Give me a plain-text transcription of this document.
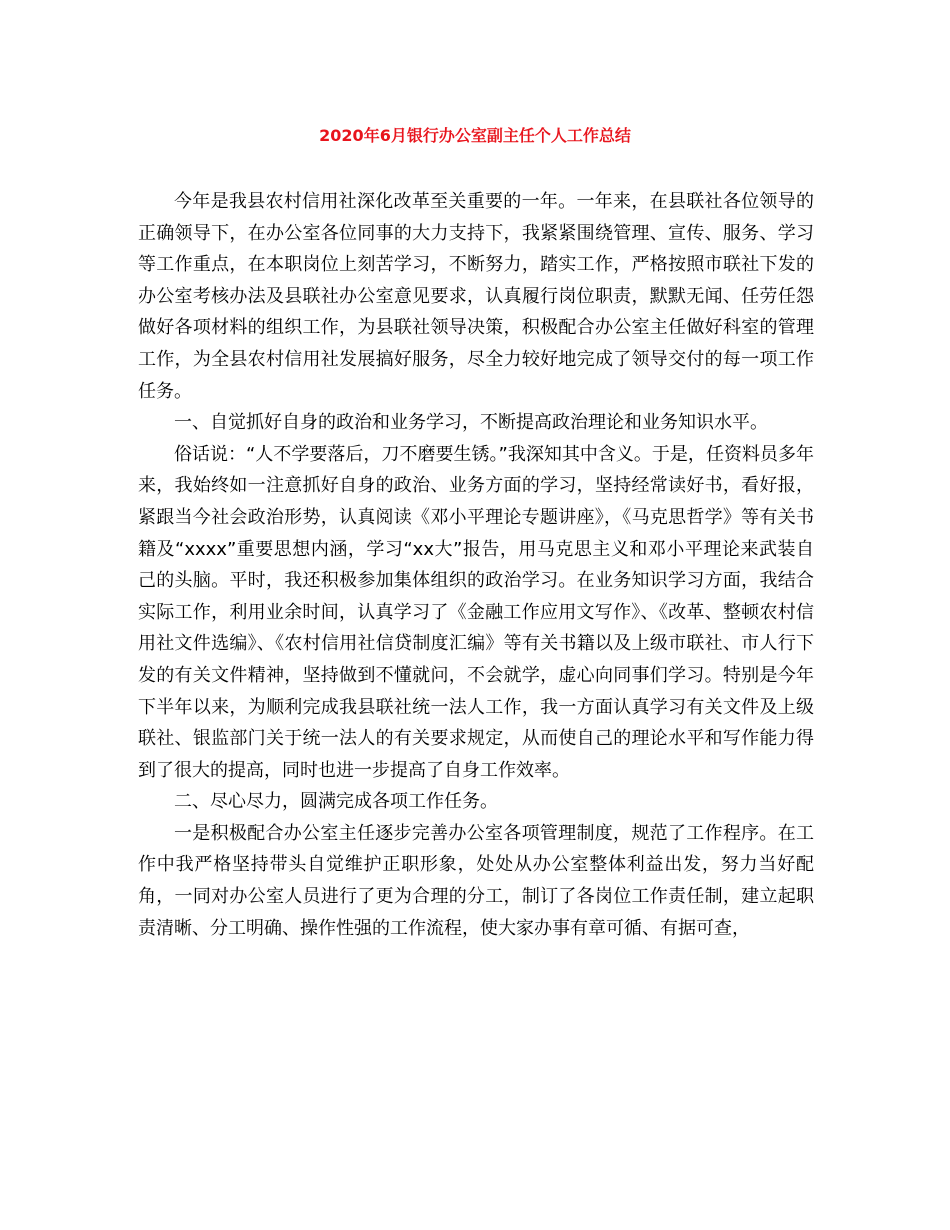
2020年6月银行办公室副主任个人工作总结

今年是我县农村信用社深化改革至关重要的一年。一年来，在县联社各位领导的正确领导下，在办公室各位同事的大力支持下，我紧紧围绕管理、宣传、服务、学习等工作重点，在本职岗位上刻苦学习，不断努力，踏实工作，严格按照市联社下发的办公室考核办法及县联社办公室意见要求，认真履行岗位职责，默默无闻、任劳任怨做好各项材料的组织工作，为县联社领导决策，积极配合办公室主任做好科室的管理工作，为全县农村信用社发展搞好服务，尽全力较好地完成了领导交付的每一项工作任务。

一、自觉抓好自身的政治和业务学习，不断提高政治理论和业务知识水平。

俗话说：“人不学要落后，刀不磨要生锈。”我深知其中含义。于是，任资料员多年来，我始终如一注意抓好自身的政治、业务方面的学习，坚持经常读好书，看好报，紧跟当今社会政治形势，认真阅读《邓小平理论专题讲座》，《马克思哲学》等有关书籍及“xxxx”重要思想内涵，学习“xx大”报告，用马克思主义和邓小平理论来武装自己的头脑。平时，我还积极参加集体组织的政治学习。在业务知识学习方面，我结合实际工作，利用业余时间，认真学习了《金融工作应用文写作》、《改革、整顿农村信用社文件选编》、《农村信用社信贷制度汇编》等有关书籍以及上级市联社、市人行下发的有关文件精神，坚持做到不懂就问，不会就学，虚心向同事们学习。特别是今年下半年以来，为顺利完成我县联社统一法人工作，我一方面认真学习有关文件及上级联社、银监部门关于统一法人的有关要求规定，从而使自己的理论水平和写作能力得到了很大的提高，同时也进一步提高了自身工作效率。

二、尽心尽力，圆满完成各项工作任务。

一是积极配合办公室主任逐步完善办公室各项管理制度，规范了工作程序。在工作中我严格坚持带头自觉维护正职形象，处处从办公室整体利益出发，努力当好配角，一同对办公室人员进行了更为合理的分工，制订了各岗位工作责任制，建立起职责清晰、分工明确、操作性强的工作流程，使大家办事有章可循、有据可查，
